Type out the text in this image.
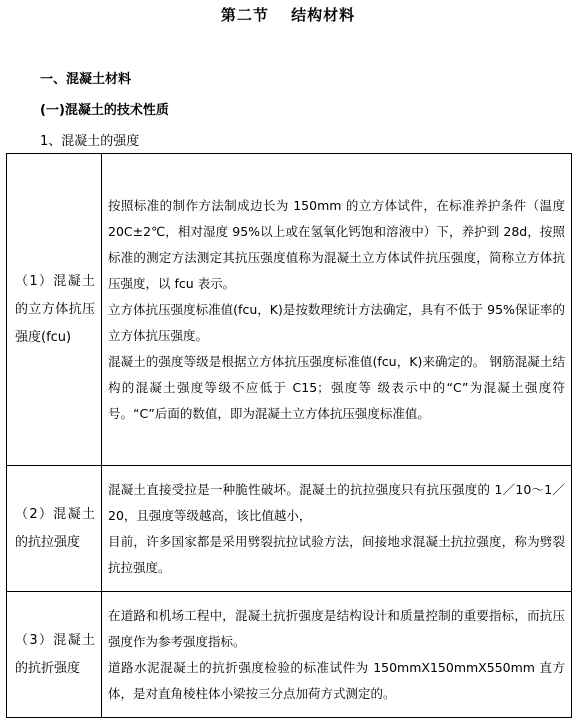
第二节　 结构材料
一、混凝土材料
(一)混凝土的技术性质
1、混凝土的强度
（1）混凝土的立方体抗压强度(fcu)	按照标准的制作方法制成边长为 150mm 的立方体试件，在标准养护条件（温度 20C±2℃，相对湿度 95%以上或在氢氧化钙饱和溶液中）下，养护到 28d，按照标准的测定方法测定其抗压强度值称为混凝土立方体试件抗压强度，简称立方体抗压强度，以 fcu 表示。

立方体抗压强度标准值(fcu，K)是按数理统计方法确定，具有不低于 95%保证率的立方体抗压强度。

混凝土的强度等级是根据立方体抗压强度标准值(fcu，K)来确定的。 钢筋混凝土结构的混凝土强度等级不应低于 C15；强度等 级表示中的“C”为混凝土强度符号。“C”后面的数值，即为混凝土立方体抗压强度标准值。

（2）混凝土的抗拉强度	混凝土直接受拉是一种脆性破坏。混凝土的抗拉强度只有抗压强度的 1／10～1／20，且强度等级越高，该比值越小，

目前，许多国家都是采用劈裂抗拉试验方法，间接地求混凝土抗拉强度，称为劈裂抗拉强度。

（3）混凝土的抗折强度	在道路和机场工程中，混凝土抗折强度是结构设计和质量控制的重要指标，而抗压强度作为参考强度指标。

道路水泥混凝土的抗折强度检验的标准试件为 150mmX150mmX550mm 直方体，是对直角棱柱体小梁按三分点加荷方式测定的。
